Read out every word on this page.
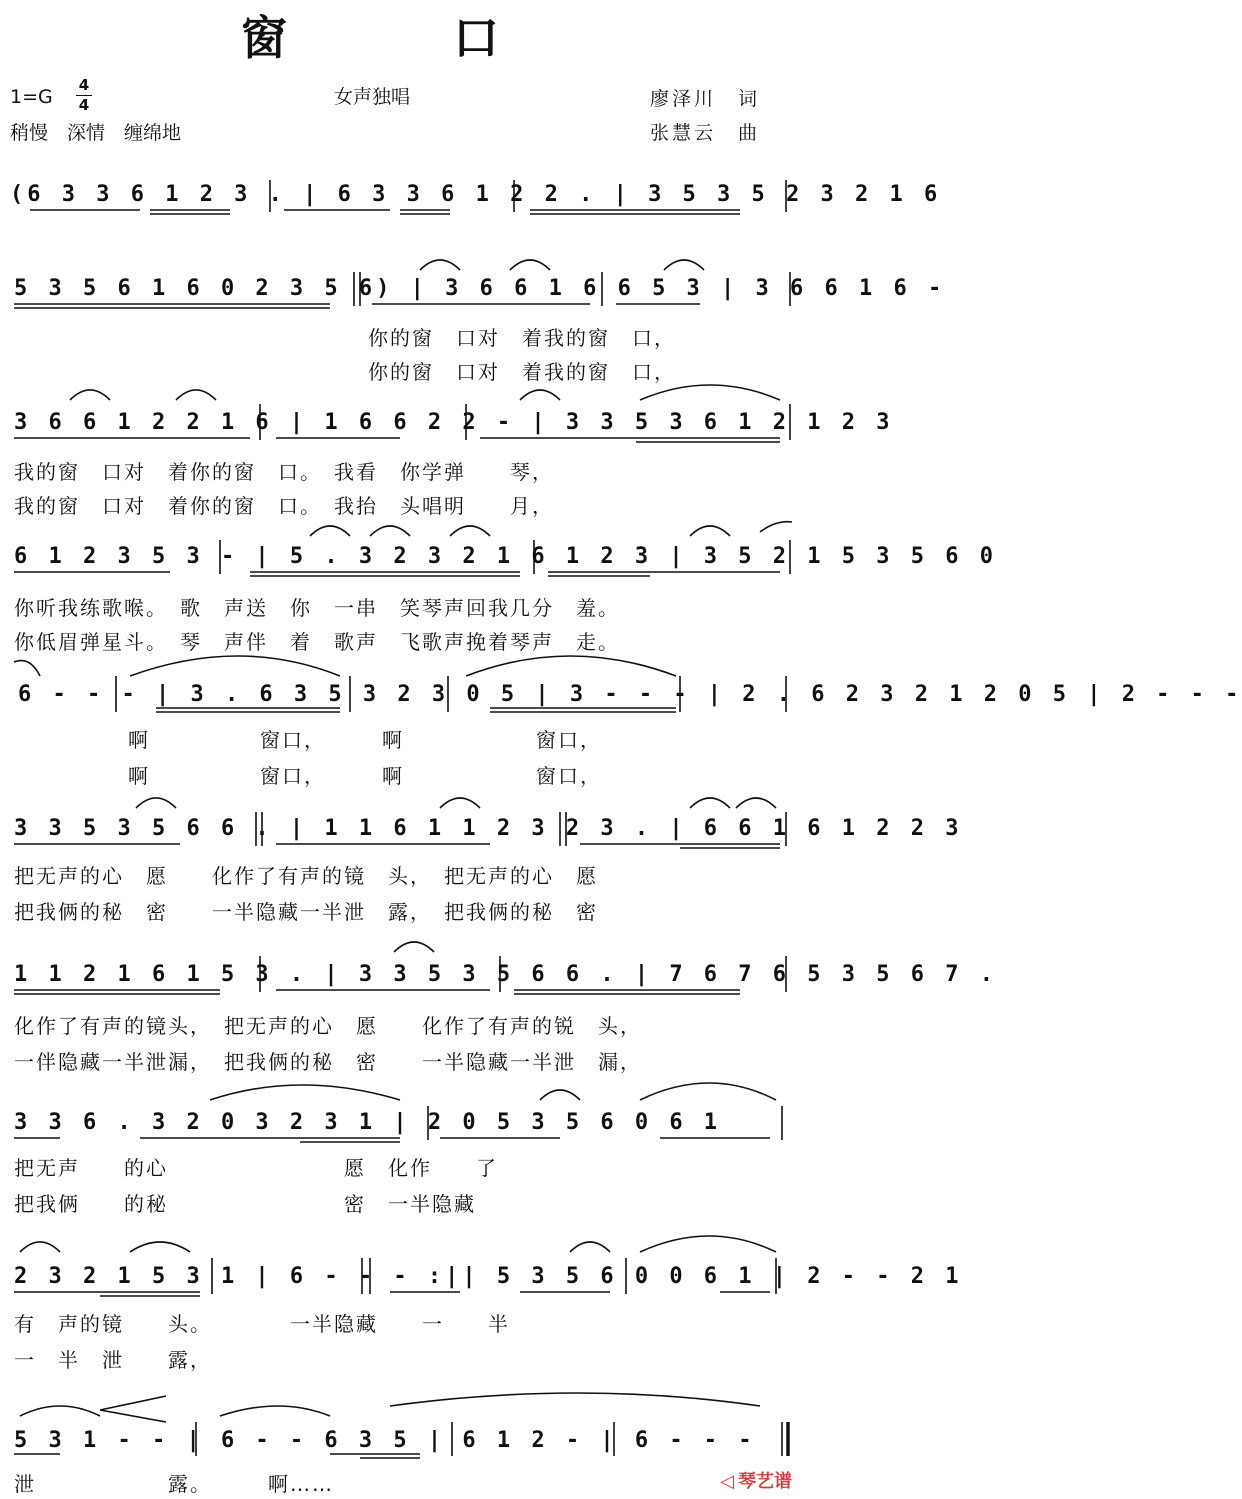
窗　口
$1=G \frac{4}{4}$
稍慢　深情　缠绵地
女声独唱	廖泽川　词
张慧云　曲
(6 3 3 6 1 2 3 . | 6 3 3 6 1 2 2 . | 3 5 3 5 2 3 2 1 6
5 3 5 6 1 6 0 2 3 5 6) | 3 6 6 1 6 6 5 3 | 3 6 6 1 6 -
你的窗　口对　着我的窗　口，
你的窗　口对　着我的窗　口，
3 6 6 1 2 2 1 6 | 1 6 6 2 2 - | 3 3 5 3 6 1 2 1 2 3
我的窗　口对　着你的窗　口。　我看　你学弹　　琴，
我的窗　口对　着你的窗　口。　我抬　头唱明　　月，
6 1 2 3 5 3 - | 5 . 3 2 3 2 1 6 1 2 3 | 3 5 2 1 5 3 5 6 0
你听我练歌喉。　歌　声送　你　一串　笑琴声回我几分　羞。
你低眉弹星斗。　琴　声伴　着　歌声　飞歌声挽着琴声　走。
6 - - - | 3 . 6 3 5 3 2 3 0 5 | 3 - - - | 2 . 6 2 3 2 1 2 0 5 | 2 - - -
啊　　　　　窗口，　　　啊　　　　　　窗口，
啊　　　　　窗口，　　　啊　　　　　　窗口，
3 3 5 3 5 6 6 . | 1 1 6 1 1 2 3 2 3 . | 6 6 1 6 1 2 2 3
把无声的心　愿　　化作了有声的镜　头，　把无声的心　愿
把我俩的秘　密　　一半隐藏一半泄　露，　把我俩的秘　密
1 1 2 1 6 1 5 3 . | 3 3 5 3 5 6 6 . | 7 6 7 6 5 3 5 6 7 .
化作了有声的镜头，　把无声的心　愿　　化作了有声的锐　头，
一伴隐藏一半泄漏，　把我俩的秘　密　　一半隐藏一半泄　漏，
3 3 6 . 3 2 0 3 2 3 1 | 2 0 5 3 5 6 0 6 1
把无声　　的心　　　　　　　　愿　化作　　了
把我俩　　的秘　　　　　　　　密　一半隐藏
2 3 2 1 5 3 1 | 6 - - - :|| 5 3 5 6 0 0 6 1 | 2 - - 2 1
有　声的镜　　头。　　　　一半隐藏　　一　　半
一　半　泄　　露，
5 3 1 - - | 6 - - 6 3 5 | 6 1 2 - | 6 - - -
泄　　　　　　露。　　　啊……	◁ 琴艺谱
